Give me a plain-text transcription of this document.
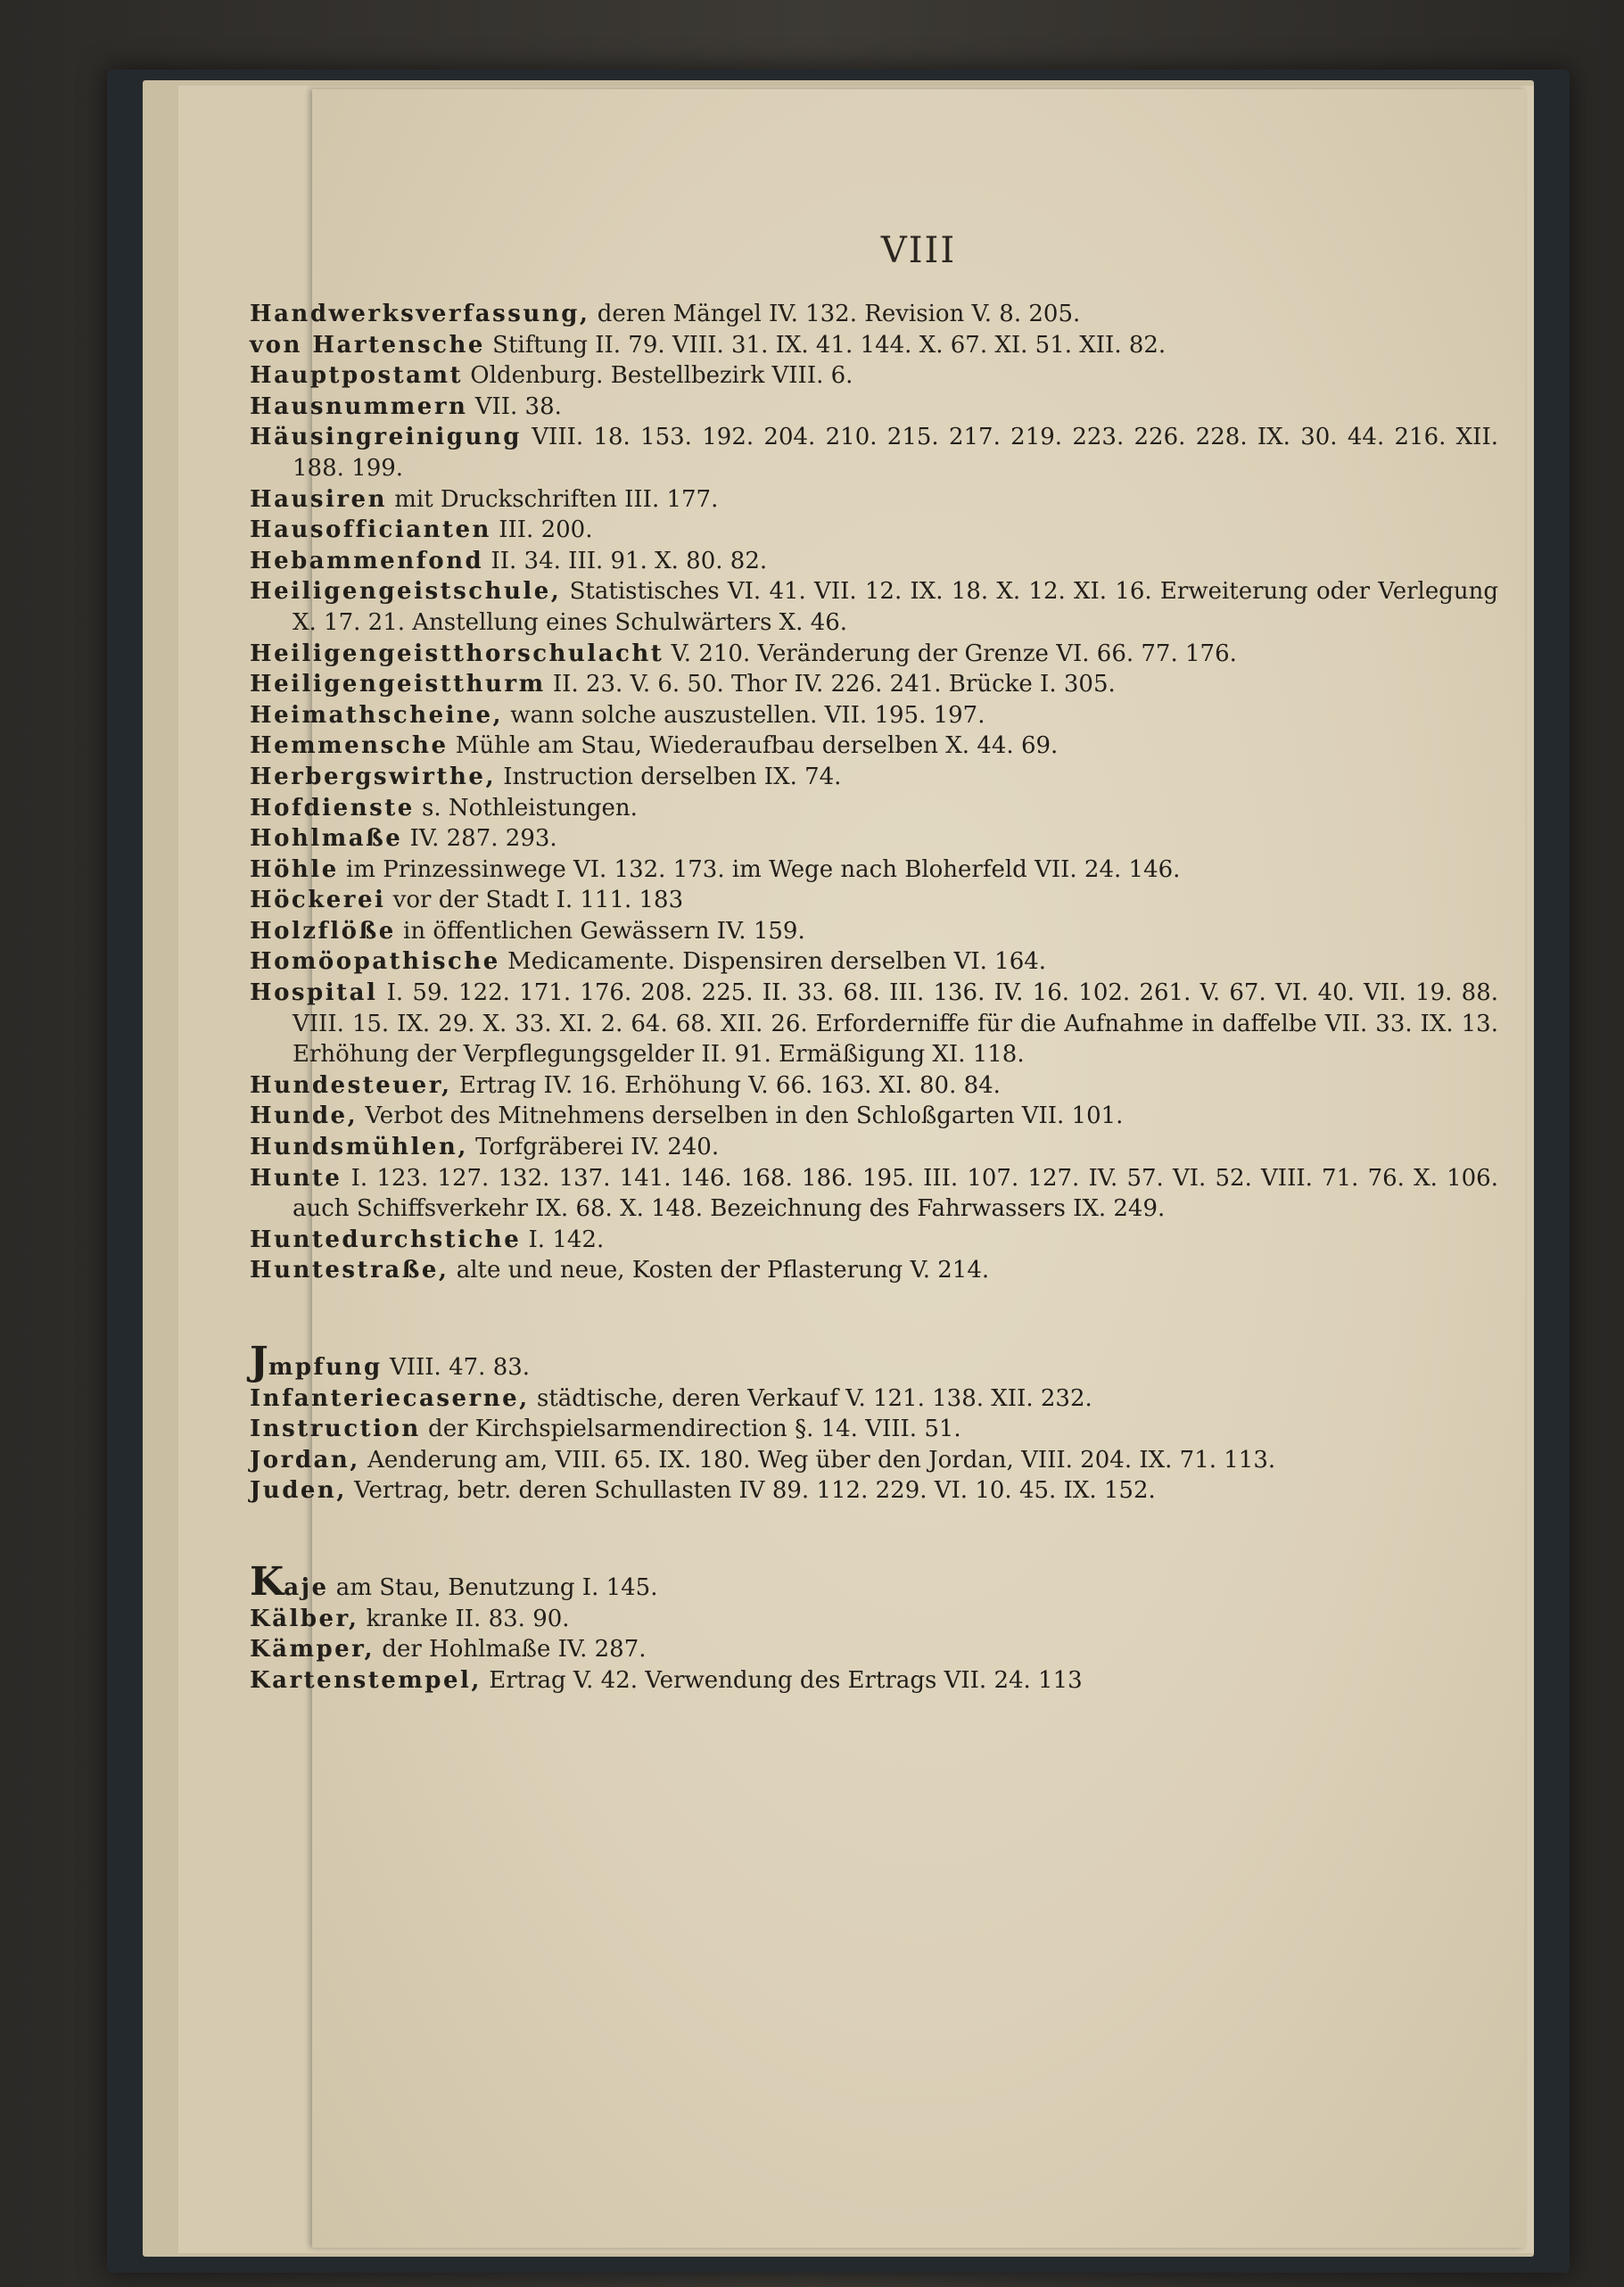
VIII

Handwerksverfassung, deren Mängel IV. 132. Revision V. 8. 205.

von Hartensche Stiftung II. 79. VIII. 31. IX. 41. 144. X. 67. XI. 51. XII. 82.

Hauptpostamt Oldenburg. Bestellbezirk VIII. 6.

Hausnummern VII. 38.

Häusingreinigung VIII. 18. 153. 192. 204. 210. 215. 217. 219. 223. 226. 228. IX. 30. 44. 216. XII. 188. 199.

Hausiren mit Druckschriften III. 177.

Hausofficianten III. 200.

Hebammenfond II. 34. III. 91. X. 80. 82.

Heiligengeistschule, Statistisches VI. 41. VII. 12. IX. 18. X. 12. XI. 16. Erweiterung oder Verlegung X. 17. 21. Anstellung eines Schulwärters X. 46.

Heiligengeistthorschulacht V. 210. Veränderung der Grenze VI. 66. 77. 176.

Heiligengeistthurm II. 23. V. 6. 50. Thor IV. 226. 241. Brücke I. 305.

Heimathscheine, wann solche auszustellen. VII. 195. 197.

Hemmensche Mühle am Stau, Wiederaufbau derselben X. 44. 69.

Herbergswirthe, Instruction derselben IX. 74.

Hofdienste s. Nothleistungen.

Hohlmaße IV. 287. 293.

Höhle im Prinzessinwege VI. 132. 173. im Wege nach Bloherfeld VII. 24. 146.

Höckerei vor der Stadt I. 111. 183

Holzflöße in öffentlichen Gewässern IV. 159.

Homöopathische Medicamente. Dispensiren derselben VI. 164.

Hospital I. 59. 122. 171. 176. 208. 225. II. 33. 68. III. 136. IV. 16. 102. 261. V. 67. VI. 40. VII. 19. 88. VIII. 15. IX. 29. X. 33. XI. 2. 64. 68. XII. 26. Erforderniffe für die Aufnahme in daffelbe VII. 33. IX. 13. Erhöhung der Verpflegungsgelder II. 91. Ermäßigung XI. 118.

Hundesteuer, Ertrag IV. 16. Erhöhung V. 66. 163. XI. 80. 84.

Hunde, Verbot des Mitnehmens derselben in den Schloßgarten VII. 101.

Hundsmühlen, Torfgräberei IV. 240.

Hunte I. 123. 127. 132. 137. 141. 146. 168. 186. 195. III. 107. 127. IV. 57. VI. 52. VIII. 71. 76. X. 106. auch Schiffsverkehr IX. 68. X. 148. Bezeichnung des Fahrwassers IX. 249.

Huntedurchstiche I. 142.

Huntestraße, alte und neue, Kosten der Pflasterung V. 214.

Jmpfung VIII. 47. 83.

Infanteriecaserne, städtische, deren Verkauf V. 121. 138. XII. 232.

Instruction der Kirchspielsarmendirection §. 14. VIII. 51.

Jordan, Aenderung am, VIII. 65. IX. 180. Weg über den Jordan, VIII. 204. IX. 71. 113.

Juden, Vertrag, betr. deren Schullasten IV 89. 112. 229. VI. 10. 45. IX. 152.

Kaje am Stau, Benutzung I. 145.

Kälber, kranke II. 83. 90.

Kämper, der Hohlmaße IV. 287.

Kartenstempel, Ertrag V. 42. Verwendung des Ertrags VII. 24. 113
